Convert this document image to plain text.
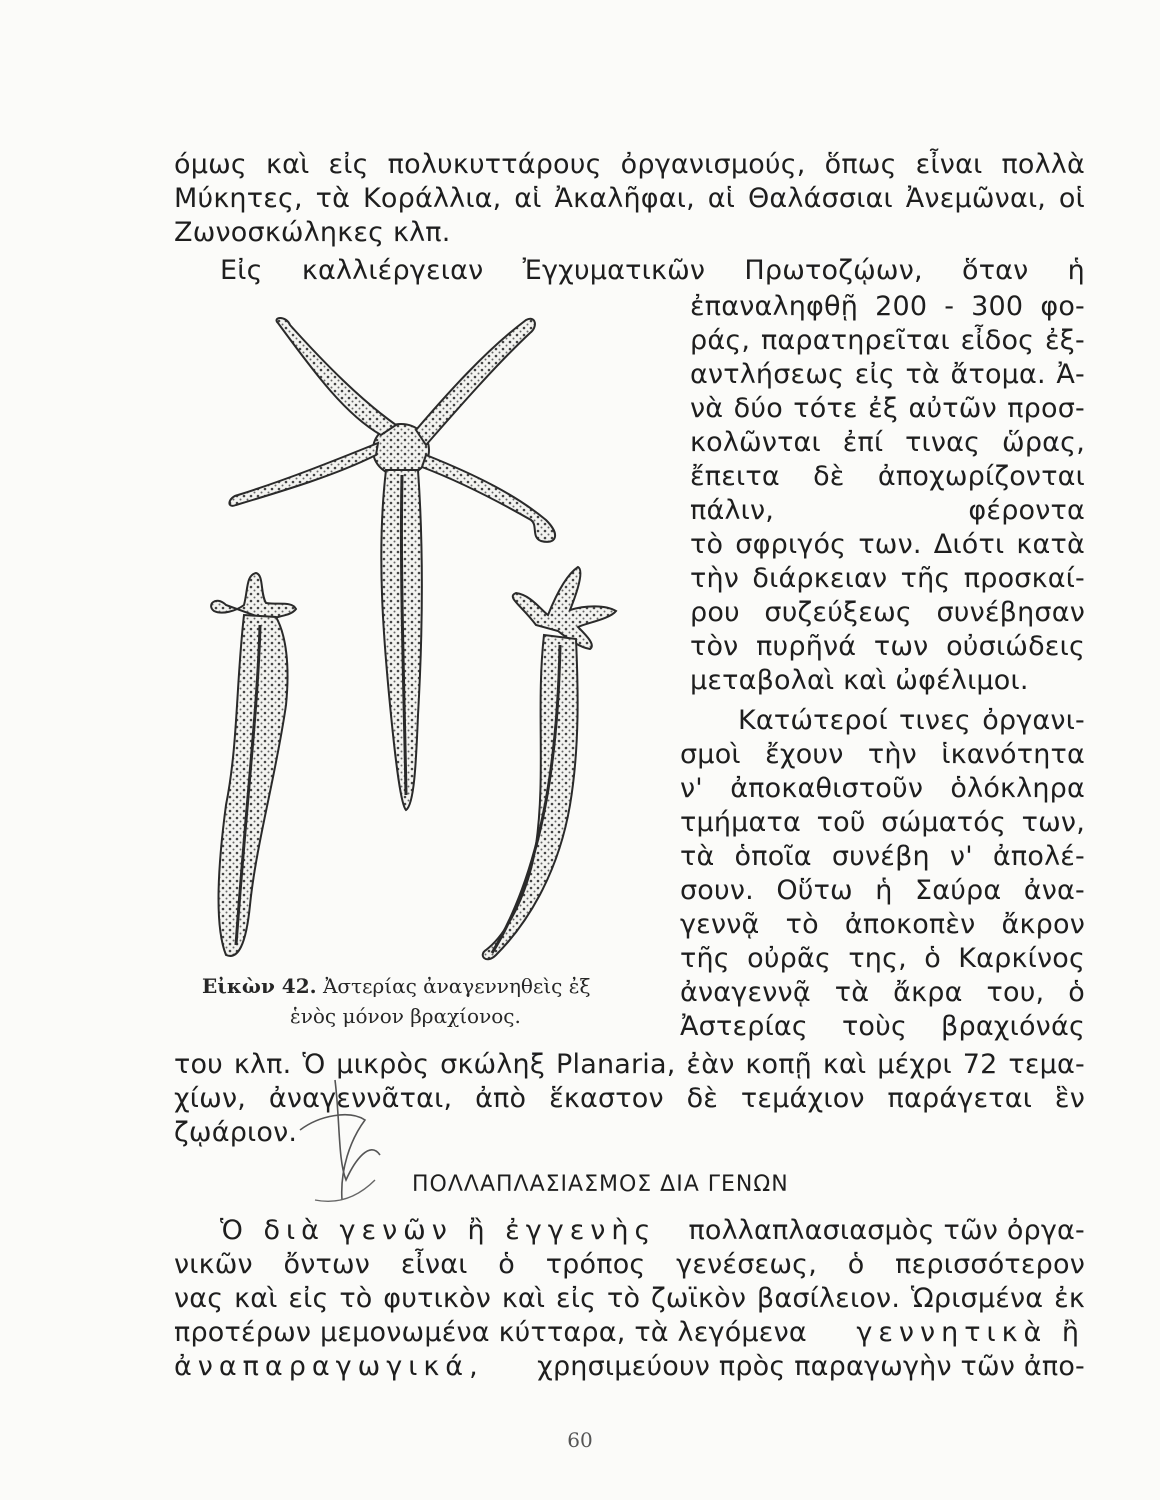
όμως καὶ εἰς πολυκυττάρους ὀργανισμούς, ὅπως εἶναι πολλὰ
Μύκητες, τὰ Κοράλλια, αἱ Ἀκαλῆφαι, αἱ Θαλάσσιαι Ἀνεμῶναι, οἱ
Ζωνοσκώληκες κλπ.
Εἰς καλλιέργειαν Ἐγχυματικῶν Πρωτοζῴων, ὅταν ἡ
ἐπαναληφθῇ 200 - 300 φο-
ράς, παρατηρεῖται εἶδος ἐξ-
αντλήσεως εἰς τὰ ἄτομα. Ἀ-
νὰ δύο τότε ἐξ αὐτῶν προσ-
κολῶνται ἐπί τινας ὥρας,
ἔπειτα δὲ ἀποχωρίζονται
πάλιν, φέροντα
τὸ σφριγός των. Διότι κατὰ
τὴν διάρκειαν τῆς προσκαί-
ρου συζεύξεως συνέβησαν
τὸν πυρῆνά των οὐσιώδεις
μεταβολαὶ καὶ ὠφέλιμοι.
Κατώτεροί τινες ὀργανι-
σμοὶ ἔχουν τὴν ἱκανότητα
ν' ἀποκαθιστοῦν ὁλόκληρα
τμήματα τοῦ σώματός των,
τὰ ὁποῖα συνέβη ν' ἀπολέ-
σουν. Οὕτω ἡ Σαύρα ἀνα-
γεννᾷ τὸ ἀποκοπὲν ἄκρον
τῆς οὐρᾶς της, ὁ Καρκίνος
ἀναγεννᾷ τὰ ἄκρα του, ὁ
Ἀστερίας τοὺς βραχιόνάς
του κλπ. Ὁ μικρὸς σκώληξ Planaria, ἐὰν κοπῇ καὶ μέχρι 72 τεμα-
χίων, ἀναγεννᾶται, ἀπὸ ἕκαστον δὲ τεμάχιον παράγεται ἓν
ζῳάριον.
Εἰκὼν 42. Ἀστερίας ἀναγεννηθεὶς ἐξ
ἑνὸς μόνον βραχίονος.
ΠΟΛΛΑΠΛΑΣΙΑΣΜΟΣ ΔΙΑ ΓΕΝΩΝ
Ὁ διὰ γενῶν ἢ ἐγγενὴς πολλαπλασιασμὸς τῶν ὀργα-
νικῶν ὄντων εἶναι ὁ τρόπος γενέσεως, ὁ περισσότερον
νας καὶ εἰς τὸ φυτικὸν καὶ εἰς τὸ ζωϊκὸν βασίλειον. Ὡρισμένα ἐκ
προτέρων μεμονωμένα κύτταρα, τὰ λεγόμενα γεννητικὰ ἢ
ἀναπαραγωγικά, χρησιμεύουν πρὸς παραγωγὴν τῶν ἀπο-
60
